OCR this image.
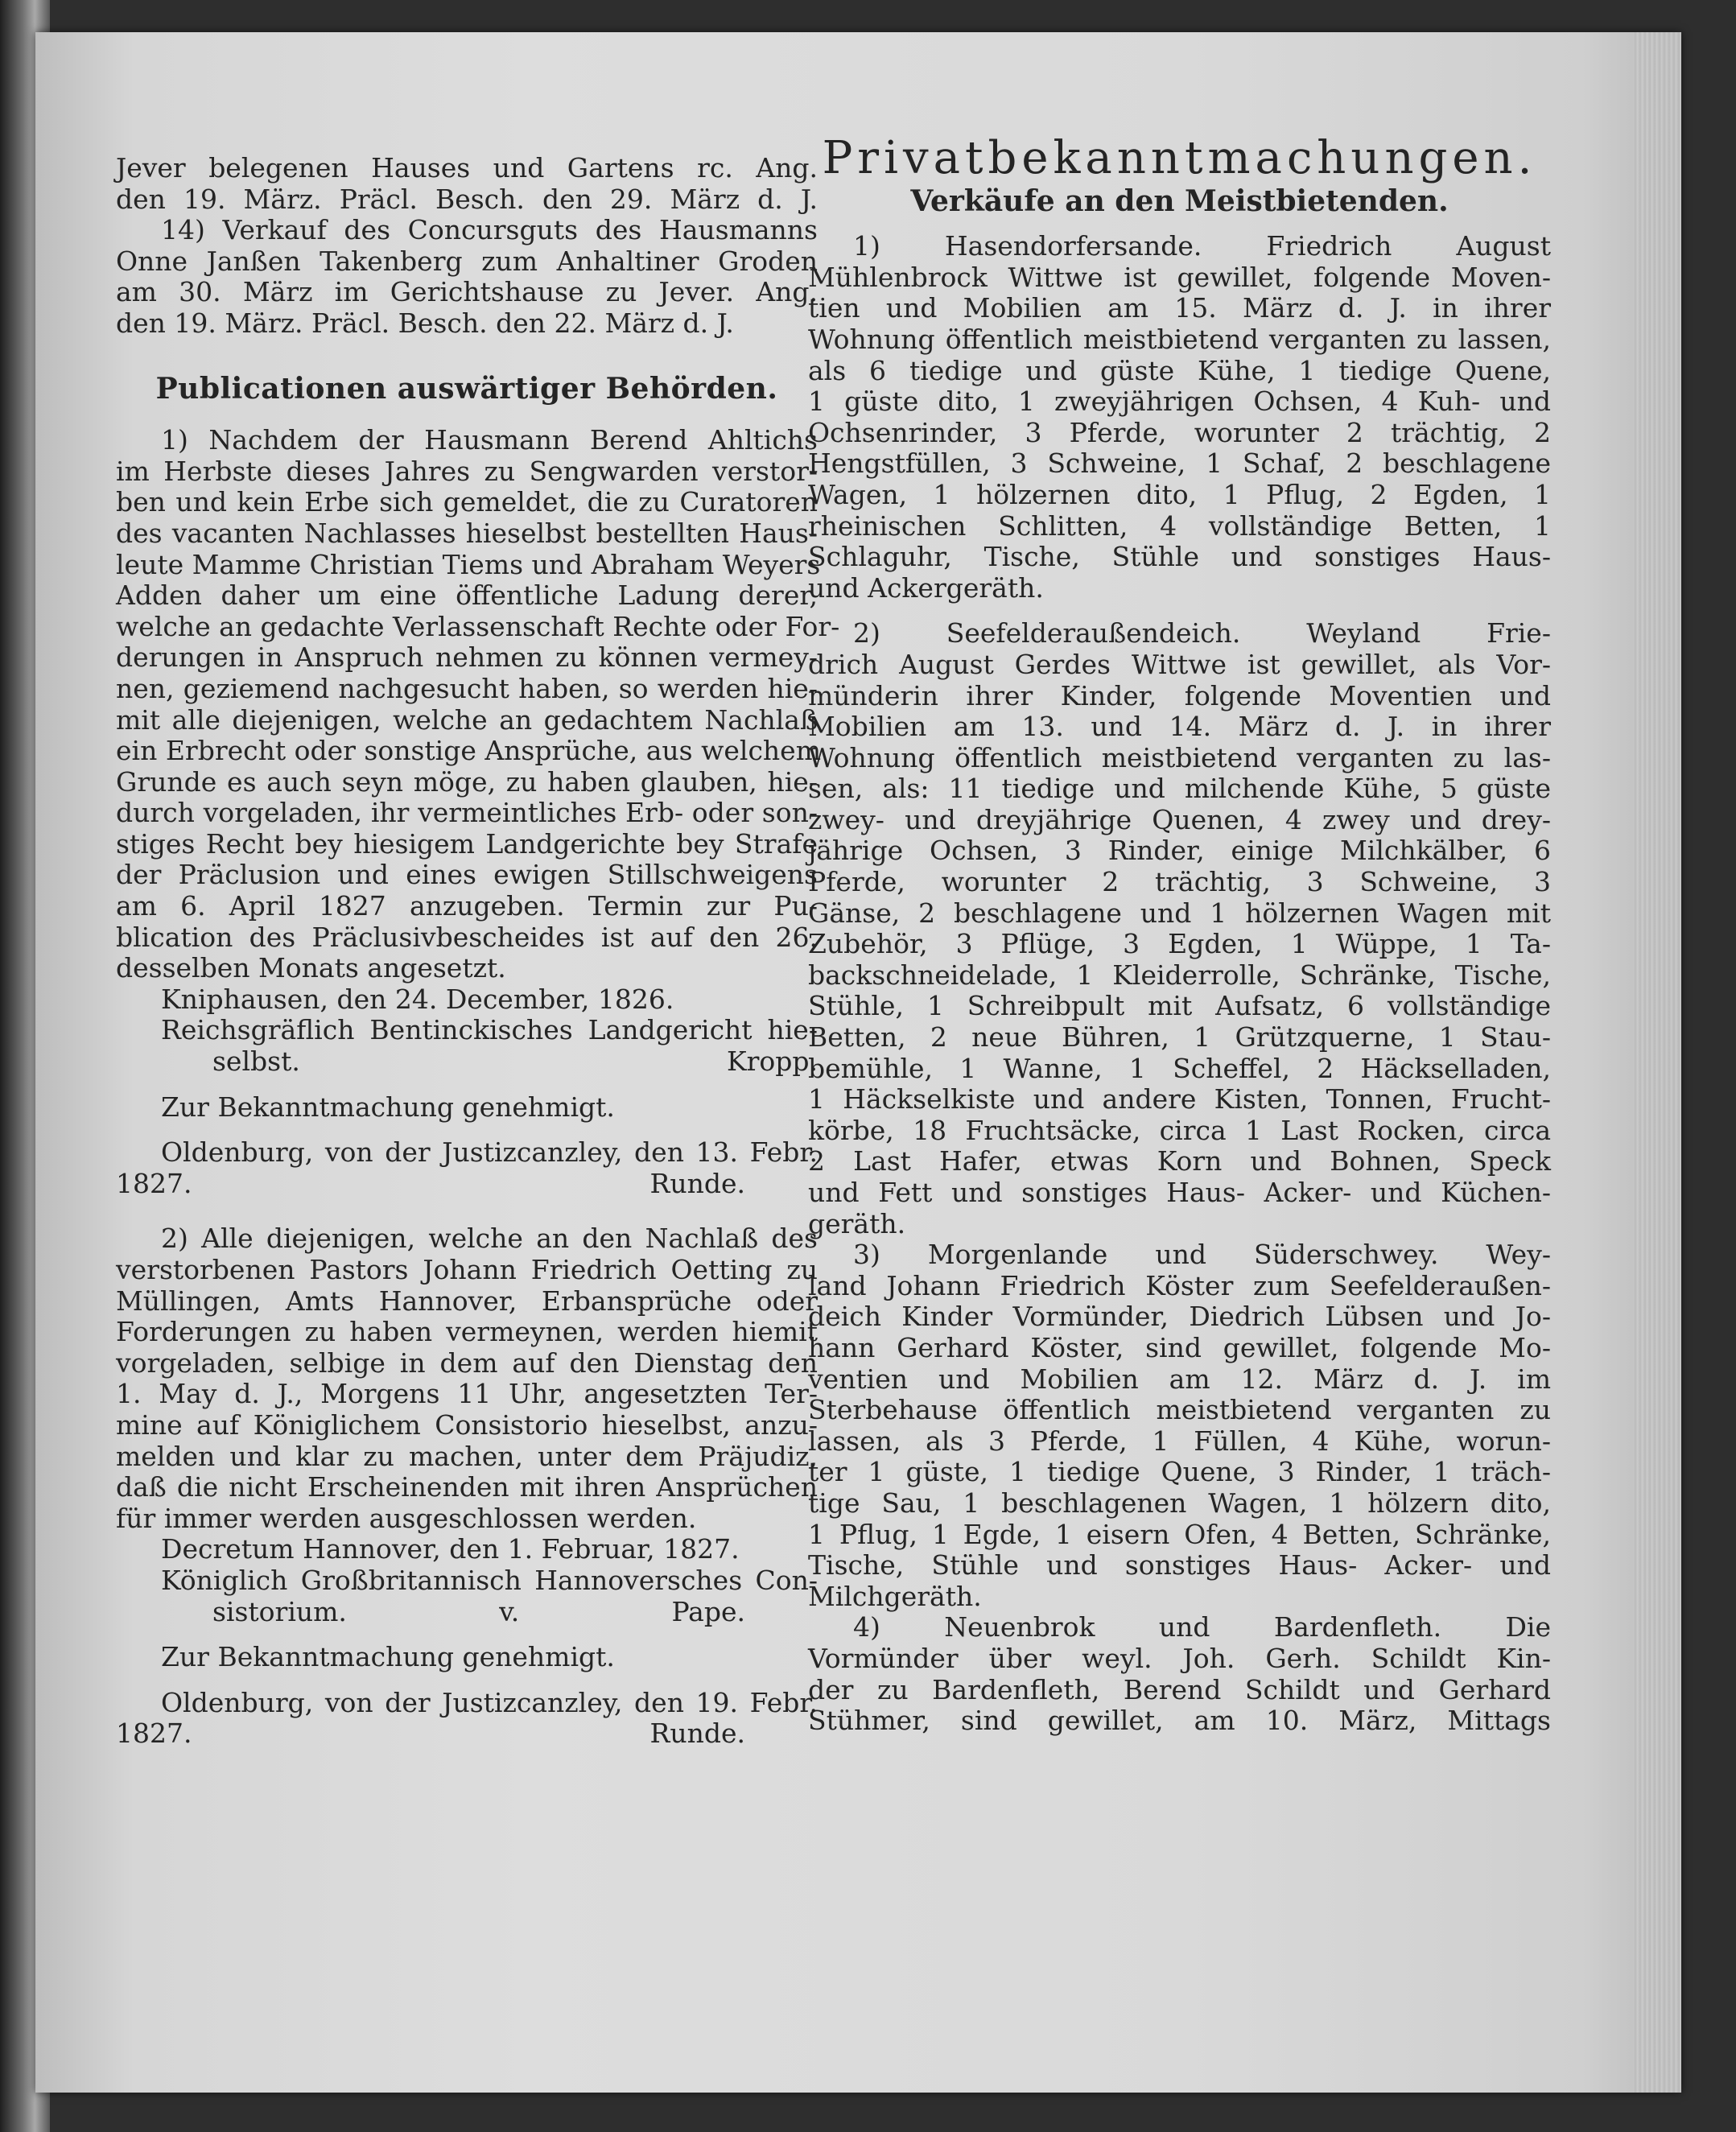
Jever belegenen Hauses und Gartens rc. Ang.
den 19. März. Präcl. Besch. den 29. März d. J.
14) Verkauf des Concursguts des Hausmanns
Onne Janßen Takenberg zum Anhaltiner Groden
am 30. März im Gerichtshause zu Jever. Ang.
den 19. März. Präcl. Besch. den 22. März d. J.
Publicationen auswärtiger Behörden.
1) Nachdem der Hausmann Berend Ahltichs
im Herbste dieses Jahres zu Sengwarden verstor-
ben und kein Erbe sich gemeldet, die zu Curatoren
des vacanten Nachlasses hieselbst bestellten Haus-
leute Mamme Christian Tiems und Abraham Weyers
Adden daher um eine öffentliche Ladung derer,
welche an gedachte Verlassenschaft Rechte oder For-
derungen in Anspruch nehmen zu können vermey-
nen, geziemend nachgesucht haben, so werden hie-
mit alle diejenigen, welche an gedachtem Nachlaß
ein Erbrecht oder sonstige Ansprüche, aus welchem
Grunde es auch seyn möge, zu haben glauben, hie-
durch vorgeladen, ihr vermeintliches Erb- oder son-
stiges Recht bey hiesigem Landgerichte bey Strafe
der Präclusion und eines ewigen Stillschweigens
am 6. April 1827 anzugeben. Termin zur Pu-
blication des Präclusivbescheides ist auf den 26.
desselben Monats angesetzt.
Kniphausen, den 24. December, 1826.
Reichsgräflich Bentinckisches Landgericht hie-
selbst.	Kropp.
Zur Bekanntmachung genehmigt.
Oldenburg, von der Justizcanzley, den 13. Febr.
1827.	Runde.
2) Alle diejenigen, welche an den Nachlaß des
verstorbenen Pastors Johann Friedrich Oetting zu
Müllingen, Amts Hannover, Erbansprüche oder
Forderungen zu haben vermeynen, werden hiemit
vorgeladen, selbige in dem auf den Dienstag den
1. May d. J., Morgens 11 Uhr, angesetzten Ter-
mine auf Königlichem Consistorio hieselbst, anzu-
melden und klar zu machen, unter dem Präjudiz,
daß die nicht Erscheinenden mit ihren Ansprüchen
für immer werden ausgeschlossen werden.
Decretum Hannover, den 1. Februar, 1827.
Königlich Großbritannisch Hannoversches Con-
sistorium.	v. Pape.
Zur Bekanntmachung genehmigt.
Oldenburg, von der Justizcanzley, den 19. Febr.
1827.	Runde.
Privatbekanntmachungen.
Verkäufe an den Meistbietenden.
1) Hasendorfersande. Friedrich August
Mühlenbrock Wittwe ist gewillet, folgende Moven-
tien und Mobilien am 15. März d. J. in ihrer
Wohnung öffentlich meistbietend verganten zu lassen,
als 6 tiedige und güste Kühe, 1 tiedige Quene,
1 güste dito, 1 zweyjährigen Ochsen, 4 Kuh- und
Ochsenrinder, 3 Pferde, worunter 2 trächtig, 2
Hengstfüllen, 3 Schweine, 1 Schaf, 2 beschlagene
Wagen, 1 hölzernen dito, 1 Pflug, 2 Egden, 1
rheinischen Schlitten, 4 vollständige Betten, 1
Schlaguhr, Tische, Stühle und sonstiges Haus-
und Ackergeräth.
2) Seefelderaußendeich. Weyland Frie-
drich August Gerdes Wittwe ist gewillet, als Vor-
münderin ihrer Kinder, folgende Moventien und
Mobilien am 13. und 14. März d. J. in ihrer
Wohnung öffentlich meistbietend verganten zu las-
sen, als: 11 tiedige und milchende Kühe, 5 güste
zwey- und dreyjährige Quenen, 4 zwey und drey-
jährige Ochsen, 3 Rinder, einige Milchkälber, 6
Pferde, worunter 2 trächtig, 3 Schweine, 3
Gänse, 2 beschlagene und 1 hölzernen Wagen mit
Zubehör, 3 Pflüge, 3 Egden, 1 Wüppe, 1 Ta-
backschneidelade, 1 Kleiderrolle, Schränke, Tische,
Stühle, 1 Schreibpult mit Aufsatz, 6 vollständige
Betten, 2 neue Bühren, 1 Grützquerne, 1 Stau-
bemühle, 1 Wanne, 1 Scheffel, 2 Häckselladen,
1 Häckselkiste und andere Kisten, Tonnen, Frucht-
körbe, 18 Fruchtsäcke, circa 1 Last Rocken, circa
2 Last Hafer, etwas Korn und Bohnen, Speck
und Fett und sonstiges Haus- Acker- und Küchen-
geräth.
3) Morgenlande und Süderschwey. Wey-
land Johann Friedrich Köster zum Seefelderaußen-
deich Kinder Vormünder, Diedrich Lübsen und Jo-
hann Gerhard Köster, sind gewillet, folgende Mo-
ventien und Mobilien am 12. März d. J. im
Sterbehause öffentlich meistbietend verganten zu
lassen, als 3 Pferde, 1 Füllen, 4 Kühe, worun-
ter 1 güste, 1 tiedige Quene, 3 Rinder, 1 träch-
tige Sau, 1 beschlagenen Wagen, 1 hölzern dito,
1 Pflug, 1 Egde, 1 eisern Ofen, 4 Betten, Schränke,
Tische, Stühle und sonstiges Haus- Acker- und
Milchgeräth.
4) Neuenbrok und Bardenfleth. Die
Vormünder über weyl. Joh. Gerh. Schildt Kin-
der zu Bardenfleth, Berend Schildt und Gerhard
Stühmer, sind gewillet, am 10. März, Mittags
